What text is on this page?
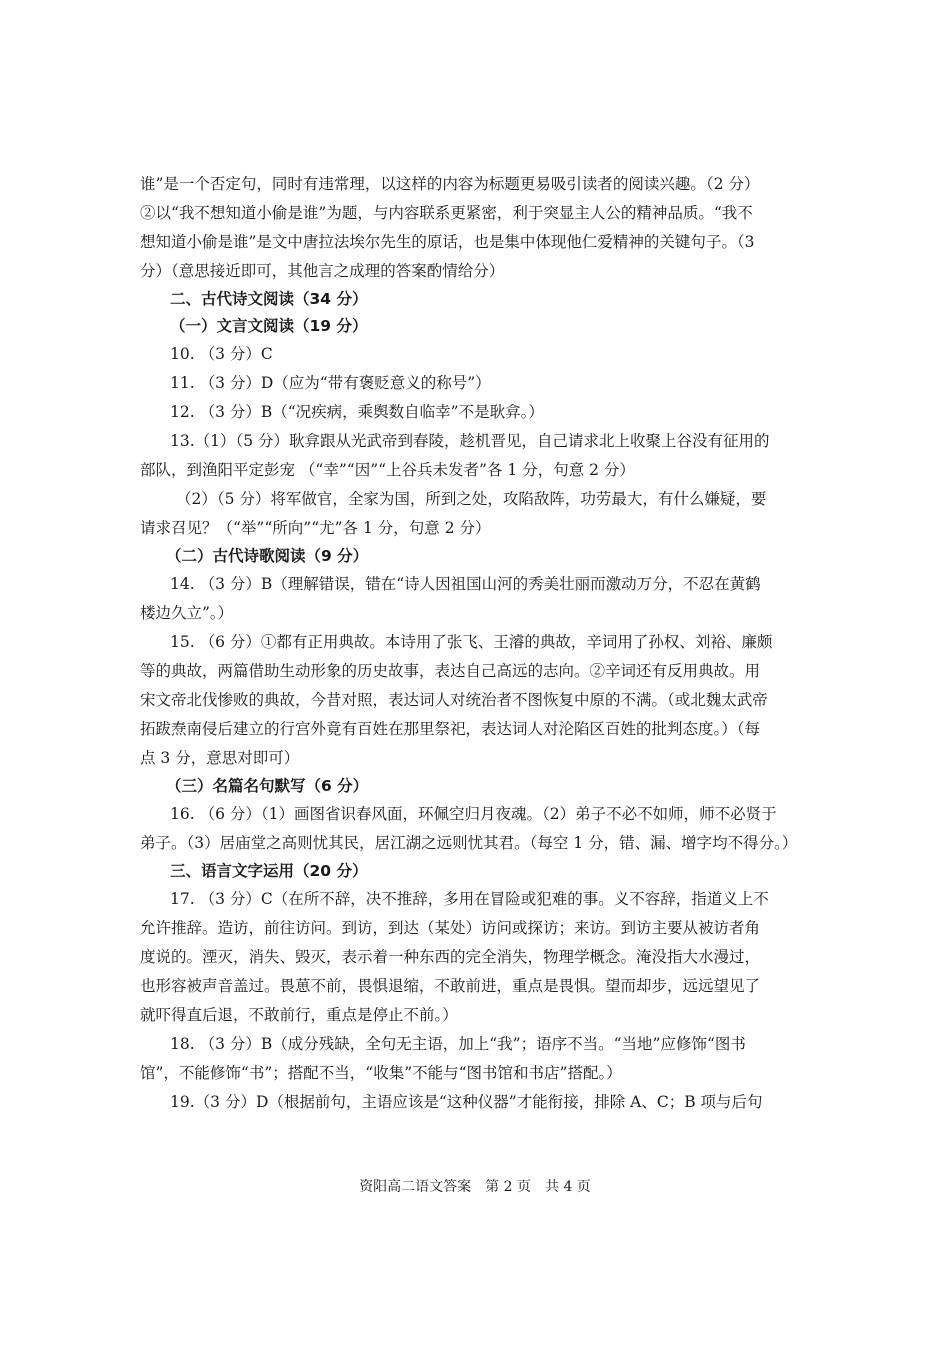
谁”是一个否定句，同时有违常理，以这样的内容为标题更易吸引读者的阅读兴趣。（2 分）
②以“我不想知道小偷是谁”为题，与内容联系更紧密，利于突显主人公的精神品质。“我不
想知道小偷是谁”是文中唐拉法埃尔先生的原话，也是集中体现他仁爱精神的关键句子。（3
分）（意思接近即可，其他言之成理的答案酌情给分）
二、古代诗文阅读（34 分）
（一）文言文阅读（19 分）
10. （3 分）C
11. （3 分）D（应为“带有褒贬意义的称号”）
12. （3 分）B（“况疾病，乘舆数自临幸”不是耿弇。）
13.（1）（5 分）耿弇跟从光武帝到春陵，趁机晋见，自己请求北上收聚上谷没有征用的
部队，到渔阳平定彭宠 （“幸”“因”“上谷兵未发者”各 1 分，句意 2 分）
（2）（5 分）将军做官，全家为国，所到之处，攻陷敌阵，功劳最大，有什么嫌疑，要
请求召见？（“举”“所向”“尤”各 1 分，句意 2 分）
（二）古代诗歌阅读（9 分）
14. （3 分）B（理解错误，错在“诗人因祖国山河的秀美壮丽而激动万分，不忍在黄鹤
楼边久立”。）
15. （6 分）①都有正用典故。本诗用了张飞、王濬的典故，辛词用了孙权、刘裕、廉颇
等的典故，两篇借助生动形象的历史故事，表达自己高远的志向。②辛词还有反用典故。用
宋文帝北伐惨败的典故，今昔对照，表达词人对统治者不图恢复中原的不满。（或北魏太武帝
拓跋焘南侵后建立的行宫外竟有百姓在那里祭祀，表达词人对沦陷区百姓的批判态度。）（每
点 3 分，意思对即可）
（三）名篇名句默写（6 分）
16. （6 分）（1）画图省识春风面，环佩空归月夜魂。（2）弟子不必不如师，师不必贤于
弟子。（3）居庙堂之高则忧其民，居江湖之远则忧其君。（每空 1 分，错、漏、增字均不得分。）
三、语言文字运用（20 分）
17. （3 分）C（在所不辞，决不推辞，多用在冒险或犯难的事。义不容辞，指道义上不
允许推辞。造访，前往访问。到访，到达（某处）访问或探访；来访。到访主要从被访者角
度说的。湮灭，消失、毁灭，表示着一种东西的完全消失，物理学概念。淹没指大水漫过，
也形容被声音盖过。畏葸不前，畏惧退缩，不敢前进，重点是畏惧。望而却步，远远望见了
就吓得直后退，不敢前行，重点是停止不前。）
18. （3 分）B（成分残缺，全句无主语，加上“我”；语序不当。“当地”应修饰“图书
馆”，不能修饰“书”；搭配不当，“收集”不能与“图书馆和书店”搭配。）
19.（3 分）D（根据前句，主语应该是“这种仪器”才能衔接，排除 A、C；B 项与后句
资阳高二语文答案　第 2 页　共 4 页
